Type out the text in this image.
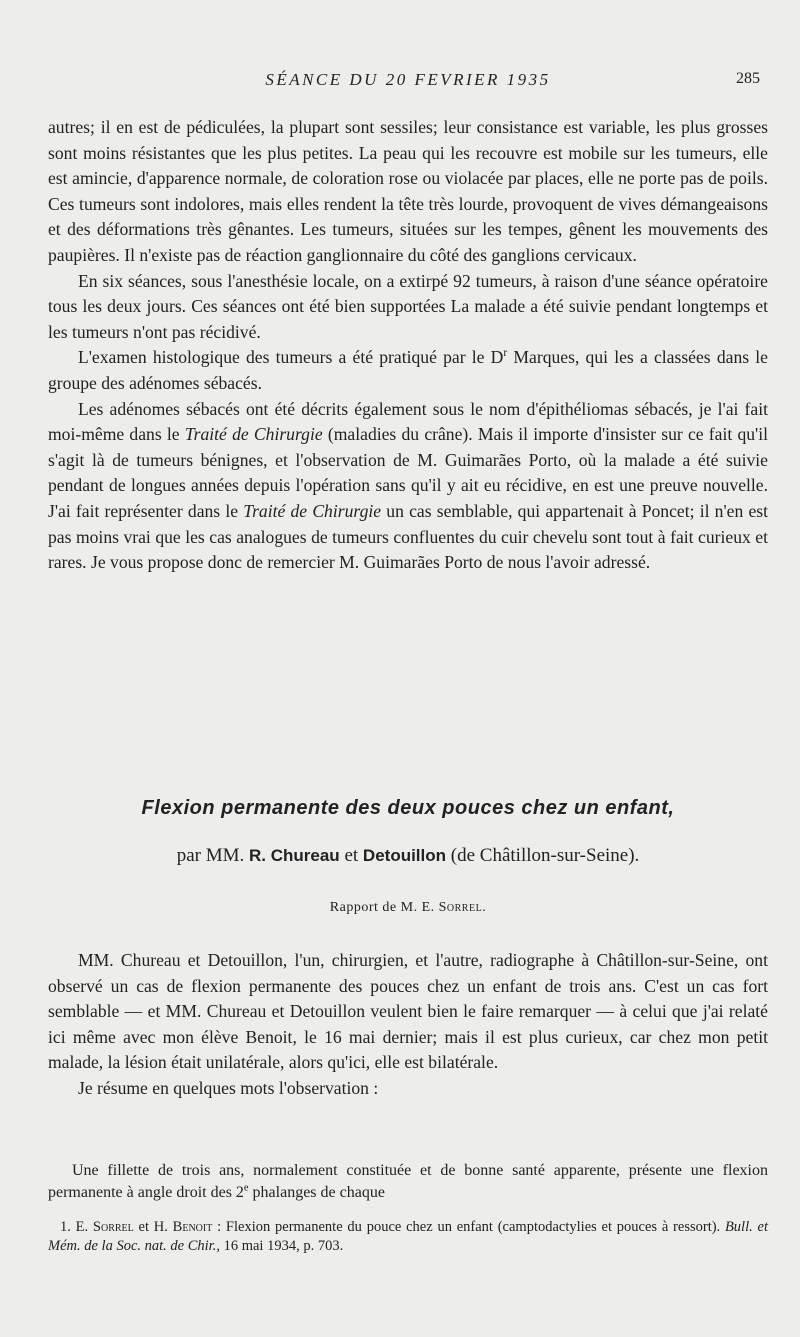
SÉANCE DU 20 FEVRIER 1935	285

autres; il en est de pédiculées, la plupart sont sessiles; leur consistance est variable, les plus grosses sont moins résistantes que les plus petites. La peau qui les recouvre est mobile sur les tumeurs, elle est amincie, d'apparence normale, de coloration rose ou violacée par places, elle ne porte pas de poils. Ces tumeurs sont indolores, mais elles rendent la tête très lourde, provoquent de vives démangeaisons et des déformations très gênantes. Les tumeurs, situées sur les tempes, gênent les mouvements des paupières. Il n'existe pas de réaction ganglionnaire du côté des ganglions cervicaux.

En six séances, sous l'anesthésie locale, on a extirpé 92 tumeurs, à raison d'une séance opératoire tous les deux jours. Ces séances ont été bien supportées La malade a été suivie pendant longtemps et les tumeurs n'ont pas récidivé.

L'examen histologique des tumeurs a été pratiqué par le $D^r$ Marques, qui les a classées dans le groupe des adénomes sébacés.

Les adénomes sébacés ont été décrits également sous le nom d'épithéliomas sébacés, je l'ai fait moi-même dans le Traité de Chirurgie (maladies du crâne). Mais il importe d'insister sur ce fait qu'il s'agit là de tumeurs bénignes, et l'observation de M. Guimarães Porto, où la malade a été suivie pendant de longues années depuis l'opération sans qu'il y ait eu récidive, en est une preuve nouvelle. J'ai fait représenter dans le Traité de Chirurgie un cas semblable, qui appartenait à Poncet; il n'en est pas moins vrai que les cas analogues de tumeurs confluentes du cuir chevelu sont tout à fait curieux et rares. Je vous propose donc de remercier M. Guimarães Porto de nous l'avoir adressé.

Flexion permanente des deux pouces chez un enfant,
par MM. R. Chureau et Detouillon (de Châtillon-sur-Seine).
Rapport de M. E. Sorrel.

MM. Chureau et Detouillon, l'un, chirurgien, et l'autre, radiographe à Châtillon-sur-Seine, ont observé un cas de flexion permanente des pouces chez un enfant de trois ans. C'est un cas fort semblable — et MM. Chureau et Detouillon veulent bien le faire remarquer — à celui que j'ai relaté ici même avec mon élève Benoit, le 16 mai dernier; mais il est plus curieux, car chez mon petit malade, la lésion était unilatérale, alors qu'ici, elle est bilatérale.

Je résume en quelques mots l'observation :

Une fillette de trois ans, normalement constituée et de bonne santé apparente, présente une flexion permanente à angle droit des 2e phalanges de chaque

1. E. Sorrel et H. Benoit : Flexion permanente du pouce chez un enfant (camptodactylies et pouces à ressort). Bull. et Mém. de la Soc. nat. de Chir., 16 mai 1934, p. 703.
